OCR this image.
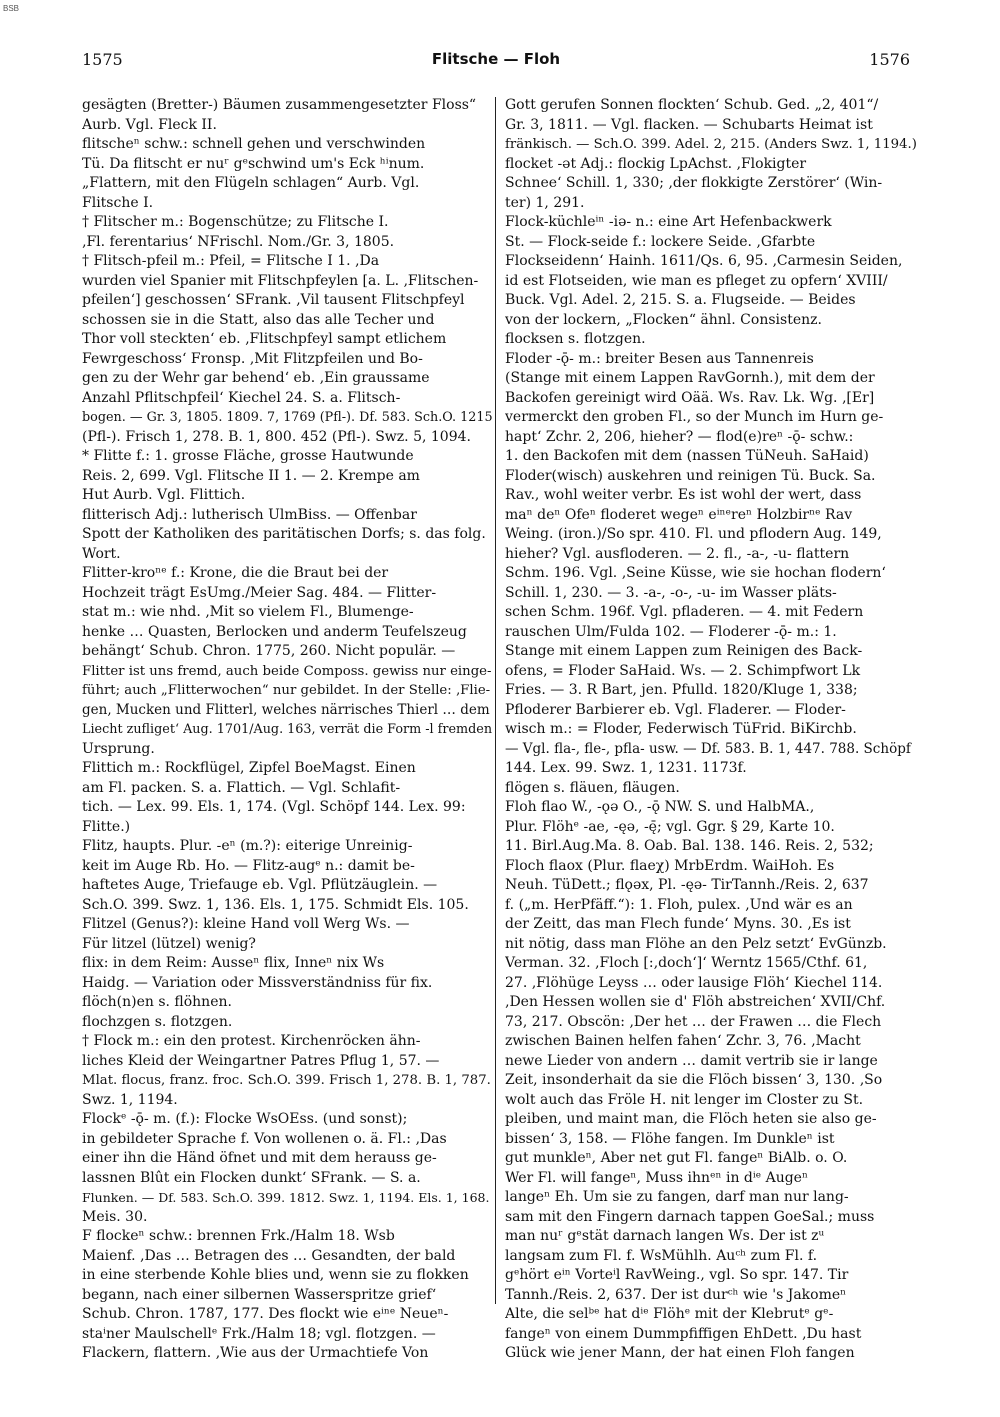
BSB
1575	Flitsche — Floh	1576
gesägten (Bretter-) Bäumen zusammengesetzter Floss“
Aurb. Vgl. Fleck II.
flitscheⁿ schw.: schnell gehen und verschwinden
Tü. Da flitscht er nuʳ gᵉschwind um's Eck ʰⁱnum.
„Flattern, mit den Flügeln schlagen“ Aurb. Vgl.
Flitsche I.
† Flitscher m.: Bogenschütze; zu Flitsche I.
‚Fl. ferentarius‘ NFrischl. Nom./Gr. 3, 1805.
† Flitsch-pfeil m.: Pfeil, = Flitsche I 1. ‚Da
wurden viel Spanier mit Flitschpfeylen [a. L. ‚Flitschen-
pfeilen‘] geschossen‘ SFrank. ‚Vil tausent Flitschpfeyl
schossen sie in die Statt, also das alle Techer und
Thor voll steckten‘ eb. ‚Flitschpfeyl sampt etlichem
Fewrgeschoss‘ Fronsp. ‚Mit Flitzpfeilen und Bo-
gen zu der Wehr gar behend‘ eb. ‚Ein graussame
Anzahl Pflitschpfeil‘ Kiechel 24. S. a. Flitsch-
bogen. — Gr. 3, 1805. 1809. 7, 1769 (Pfl-). Df. 583. Sch.O. 1215
(Pfl-). Frisch 1, 278. B. 1, 800. 452 (Pfl-). Swz. 5, 1094.
* Flitte f.: 1. grosse Fläche, grosse Hautwunde
Reis. 2, 699. Vgl. Flitsche II 1. — 2. Krempe am
Hut Aurb. Vgl. Flittich.
flitterisch Adj.: lutherisch UlmBiss. — Offenbar
Spott der Katholiken des paritätischen Dorfs; s. das folg.
Wort.
Flitter-kroⁿᵉ f.: Krone, die die Braut bei der
Hochzeit trägt EsUmg./Meier Sag. 484. — Flitter-
stat m.: wie nhd. ‚Mit so vielem Fl., Blumenge-
henke … Quasten, Berlocken und anderm Teufelszeug
behängt‘ Schub. Chron. 1775, 260. Nicht populär. —
Flitter ist uns fremd, auch beide Composs. gewiss nur einge-
führt; auch „Flitterwochen“ nur gebildet. In der Stelle: ‚Flie-
gen, Mucken und Flitterl, welches närrisches Thierl … dem
Liecht zufliget‘ Aug. 1701/Aug. 163, verrät die Form -l fremden
Ursprung.
Flittich m.: Rockflügel, Zipfel BoeMagst. Einen
am Fl. packen. S. a. Flattich. — Vgl. Schlafit-
tich. — Lex. 99. Els. 1, 174. (Vgl. Schöpf 144. Lex. 99:
Flitte.)
Flitz, haupts. Plur. -eⁿ (m.?): eiterige Unreinig-
keit im Auge Rb. Ho. — Flitz-augᵉ n.: damit be-
haftetes Auge, Triefauge eb. Vgl. Pflützäuglein. —
Sch.O. 399. Swz. 1, 136. Els. 1, 175. Schmidt Els. 105.
Flitzel (Genus?): kleine Hand voll Werg Ws. —
Für litzel (lützel) wenig?
flix: in dem Reim: Ausseⁿ flix, Inneⁿ nix Ws
Haidg. — Variation oder Missverständniss für fix.
flöch(n)en s. flöhnen.
flochzgen s. flotzgen.
† Flock m.: ein den protest. Kirchenröcken ähn-
liches Kleid der Weingartner Patres Pflug 1, 57. —
Mlat. flocus, franz. froc. Sch.O. 399. Frisch 1, 278. B. 1, 787.
Swz. 1, 1194.
Flockᵉ -ǭ- m. (f.): Flocke WsOEss. (und sonst);
in gebildeter Sprache f. Von wollenen o. ä. Fl.: ‚Das
einer ihn die Händ öfnet und mit dem herauss ge-
lassnen Blût ein Flocken dunkt‘ SFrank. — S. a.
Flunken. — Df. 583. Sch.O. 399. 1812. Swz. 1, 1194. Els. 1, 168.
Meis. 30.
F flockeⁿ schw.: brennen Frk./Halm 18. Wsb
Maienf. ‚Das … Betragen des … Gesandten, der bald
in eine sterbende Kohle blies und, wenn sie zu flokken
begann, nach einer silbernen Wasserspritze grief‘
Schub. Chron. 1787, 177. Des flockt wie eⁱⁿᵉ Neueⁿ-
staⁱner Maulschellᵉ Frk./Halm 18; vgl. flotzgen. —
Flackern, flattern. ‚Wie aus der Urmachtiefe Von
Gott gerufen Sonnen flockten‘ Schub. Ged. „2, 401“/
Gr. 3, 1811. — Vgl. flacken. — Schubarts Heimat ist
fränkisch. — Sch.O. 399. Adel. 2, 215. (Anders Swz. 1, 1194.)
flocket -ət Adj.: flockig LpAchst. ‚Flokigter
Schnee‘ Schill. 1, 330; ‚der flokkigte Zerstörer‘ (Win-
ter) 1, 291.
Flock-küchleⁱⁿ -iə- n.: eine Art Hefenbackwerk
St. — Flock-seide f.: lockere Seide. ‚Gfarbte
Flockseidenn‘ Hainh. 1611/Qs. 6, 95. ‚Carmesin Seiden,
id est Flotseiden, wie man es pfleget zu opfern‘ XVIII/
Buck. Vgl. Adel. 2, 215. S. a. Flugseide. — Beides
von der lockern, „Flocken“ ähnl. Consistenz.
flocksen s. flotzgen.
Floder -ǭ- m.: breiter Besen aus Tannenreis
(Stange mit einem Lappen RavGornh.), mit dem der
Backofen gereinigt wird Oää. Ws. Rav. Lk. Wg. ‚[Er]
vermerckt den groben Fl., so der Munch im Hurn ge-
hapt‘ Zchr. 2, 206, hieher? — flod(e)reⁿ -ǭ- schw.:
1. den Backofen mit dem (nassen TüNeuh. SaHaid)
Floder(wisch) auskehren und reinigen Tü. Buck. Sa.
Rav., wohl weiter verbr. Es ist wohl der wert, dass
maⁿ deⁿ Ofeⁿ floderet wegeⁿ eⁱⁿᵉreⁿ Holzbirⁿᵉ Rav
Weing. (iron.)/So spr. 410. Fl. und pflodern Aug. 149,
hieher? Vgl. ausfloderen. — 2. fl., -a-, -u- flattern
Schm. 196. Vgl. ‚Seine Küsse, wie sie hochan flodern‘
Schill. 1, 230. — 3. -a-, -o-, -u- im Wasser pläts-
schen Schm. 196f. Vgl. pfladeren. — 4. mit Federn
rauschen Ulm/Fulda 102. — Floderer -ǭ- m.: 1.
Stange mit einem Lappen zum Reinigen des Back-
ofens, = Floder SaHaid. Ws. — 2. Schimpfwort Lk
Fries. — 3. R Bart, jen. Pfulld. 1820/Kluge 1, 338;
Pfloderer Barbierer eb. Vgl. Fladerer. — Floder-
wisch m.: = Floder, Federwisch TüFrid. BiKirchb.
— Vgl. fla-, fle-, pfla- usw. — Df. 583. B. 1, 447. 788. Schöpf
144. Lex. 99. Swz. 1, 1231. 1173f.
flögen s. fläuen, fläugen.
Floh flao W., -ǫə O., -ǭ NW. S. und HalbMA.,
Plur. Flöhᵉ -ae, -ęə, -ę̄; vgl. Ggr. § 29, Karte 10.
11. Birl.Aug.Ma. 8. Oab. Bal. 138. 146. Reis. 2, 532;
Floch flaox (Plur. flaeχ) MrbErdm. WaiHoh. Es
Neuh. TüDett.; flǫəx, Pl. -ęə- TirTannh./Reis. 2, 637
f. („m. HerPfäff.“): 1. Floh, pulex. ‚Und wär es an
der Zeitt, das man Flech funde‘ Myns. 30. ‚Es ist
nit nötig, dass man Flöhe an den Pelz setzt‘ EvGünzb.
Verman. 32. ‚Floch [:‚doch‘]‘ Werntz 1565/Cthf. 61,
27. ‚Flöhüge Leyss … oder lausige Flöh‘ Kiechel 114.
‚Den Hessen wollen sie d' Flöh abstreichen‘ XVII/Chf.
73, 217. Obscön: ‚Der het … der Frawen … die Flech
zwischen Bainen helfen fahen‘ Zchr. 3, 76. ‚Macht
newe Lieder von andern … damit vertrib sie ir lange
Zeit, insonderhait da sie die Flöch bissen‘ 3, 130. ‚So
wolt auch das Fröle H. nit lenger im Closter zu St.
pleiben, und maint man, die Flöch heten sie also ge-
bissen‘ 3, 158. — Flöhe fangen. Im Dunkleⁿ ist
gut munkleⁿ, Aber net gut Fl. fangeⁿ BiAlb. o. O.
Wer Fl. will fangeⁿ, Muss ihnᵉⁿ in dⁱᵉ Augeⁿ
langeⁿ Eh. Um sie zu fangen, darf man nur lang-
sam mit den Fingern darnach tappen GoeSal.; muss
man nuʳ gᵉstät darnach langen Ws. Der ist zᵘ
langsam zum Fl. f. WsMühlh. Auᶜʰ zum Fl. f.
gᵉhört eⁱⁿ Vorteⁱl RavWeing., vgl. So spr. 147. Tir
Tannh./Reis. 2, 637. Der ist durᶜʰ wie 's Jakomeⁿ
Alte, die selᵇᵉ hat dⁱᵉ Flöhᵉ mit der Klebrutᵉ gᵉ-
fangeⁿ von einem Dummpfiffigen EhDett. ‚Du hast
Glück wie jener Mann, der hat einen Floh fangen
